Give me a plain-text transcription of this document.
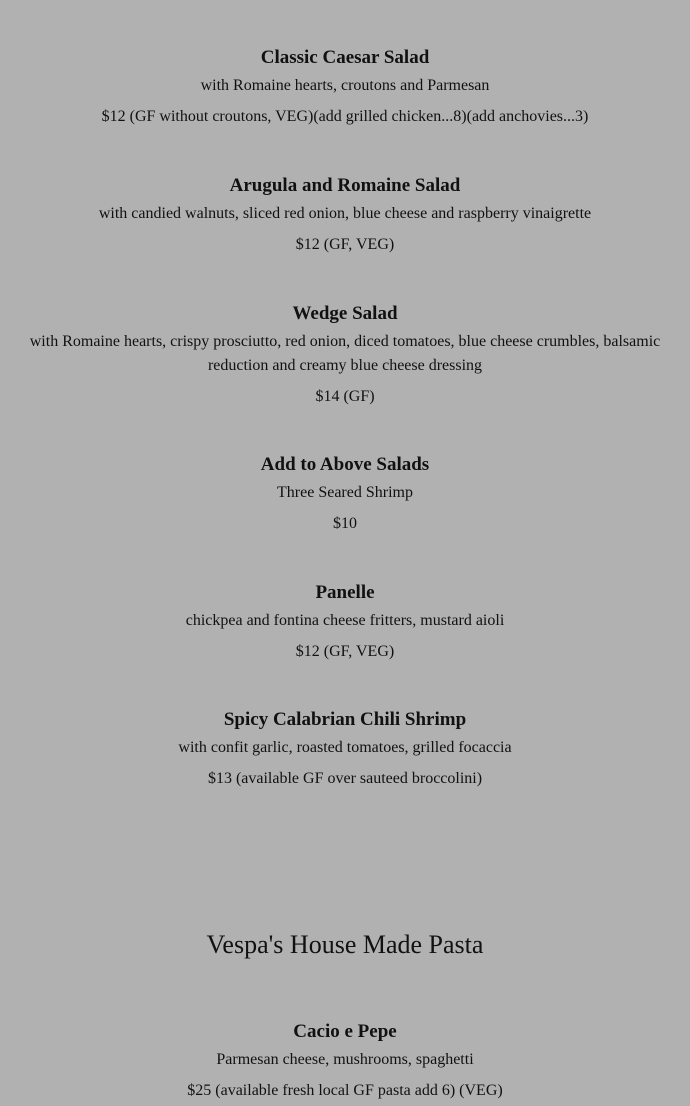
Classic Caesar Salad

with Romaine hearts, croutons and Parmesan

$12 (GF without croutons, VEG)(add grilled chicken...8)(add anchovies...3)

Arugula and Romaine Salad

with candied walnuts, sliced red onion, blue cheese and raspberry vinaigrette

$12 (GF, VEG)

Wedge Salad

with Romaine hearts, crispy prosciutto, red onion, diced tomatoes, blue cheese crumbles, balsamic reduction and creamy blue cheese dressing

$14 (GF)

Add to Above Salads

Three Seared Shrimp

$10

Panelle

chickpea and fontina cheese fritters, mustard aioli

$12 (GF, VEG)

Spicy Calabrian Chili Shrimp

with confit garlic, roasted tomatoes, grilled focaccia

$13 (available GF over sauteed broccolini)

Vespa's House Made Pasta

Cacio e Pepe

Parmesan cheese, mushrooms, spaghetti

$25 (available fresh local GF pasta add 6) (VEG)
